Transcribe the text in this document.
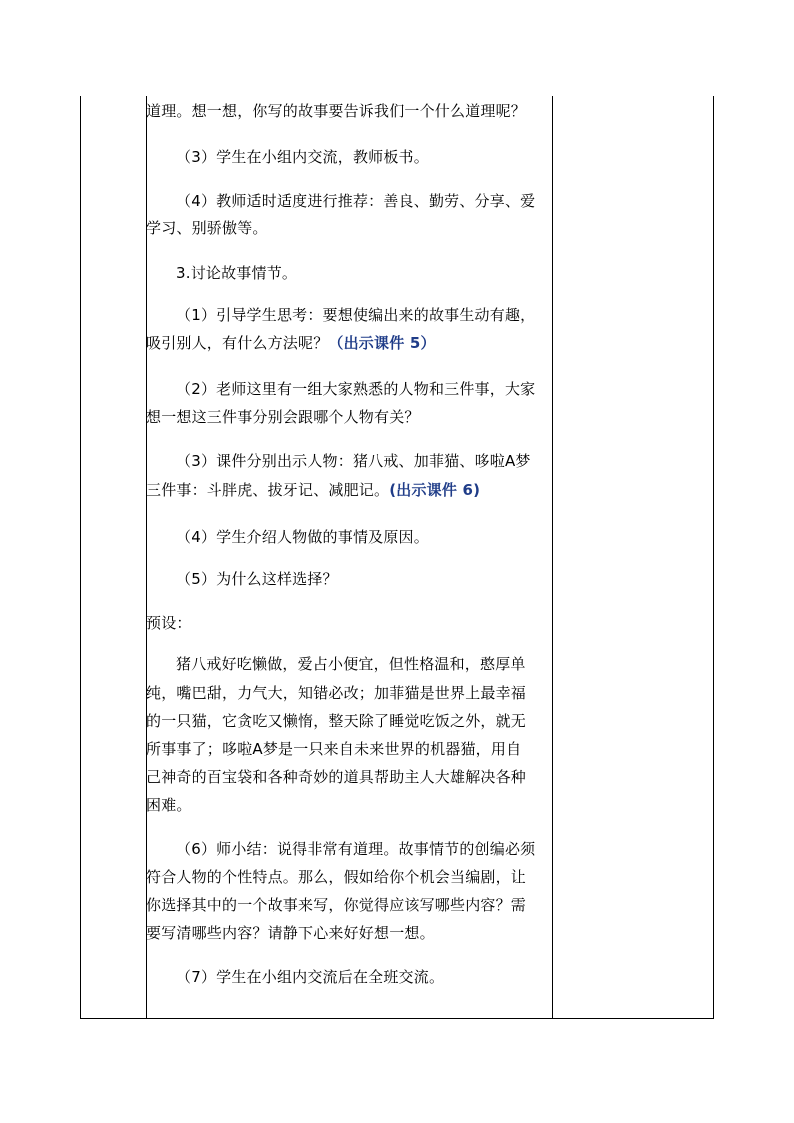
道理。想一想，你写的故事要告诉我们一个什么道理呢？
（3）学生在小组内交流，教师板书。
（4）教师适时适度进行推荐：善良、勤劳、分享、爱
学习、别骄傲等。
3.讨论故事情节。
（1）引导学生思考：要想使编出来的故事生动有趣，
吸引别人，有什么方法呢？（出示课件 5）
（2）老师这里有一组大家熟悉的人物和三件事，大家
想一想这三件事分别会跟哪个人物有关？
（3）课件分别出示人物：猪八戒、加菲猫、哆啦A梦
三件事：斗胖虎、拔牙记、减肥记。(出示课件 6)
（4）学生介绍人物做的事情及原因。
（5）为什么这样选择？
预设：
猪八戒好吃懒做，爱占小便宜，但性格温和，憨厚单
纯，嘴巴甜，力气大，知错必改；加菲猫是世界上最幸福
的一只猫，它贪吃又懒惰，整天除了睡觉吃饭之外，就无
所事事了；哆啦A梦是一只来自未来世界的机器猫，用自
己神奇的百宝袋和各种奇妙的道具帮助主人大雄解决各种
困难。
（6）师小结：说得非常有道理。故事情节的创编必须
符合人物的个性特点。那么，假如给你个机会当编剧，让
你选择其中的一个故事来写，你觉得应该写哪些内容？需
要写清哪些内容？请静下心来好好想一想。
（7）学生在小组内交流后在全班交流。
